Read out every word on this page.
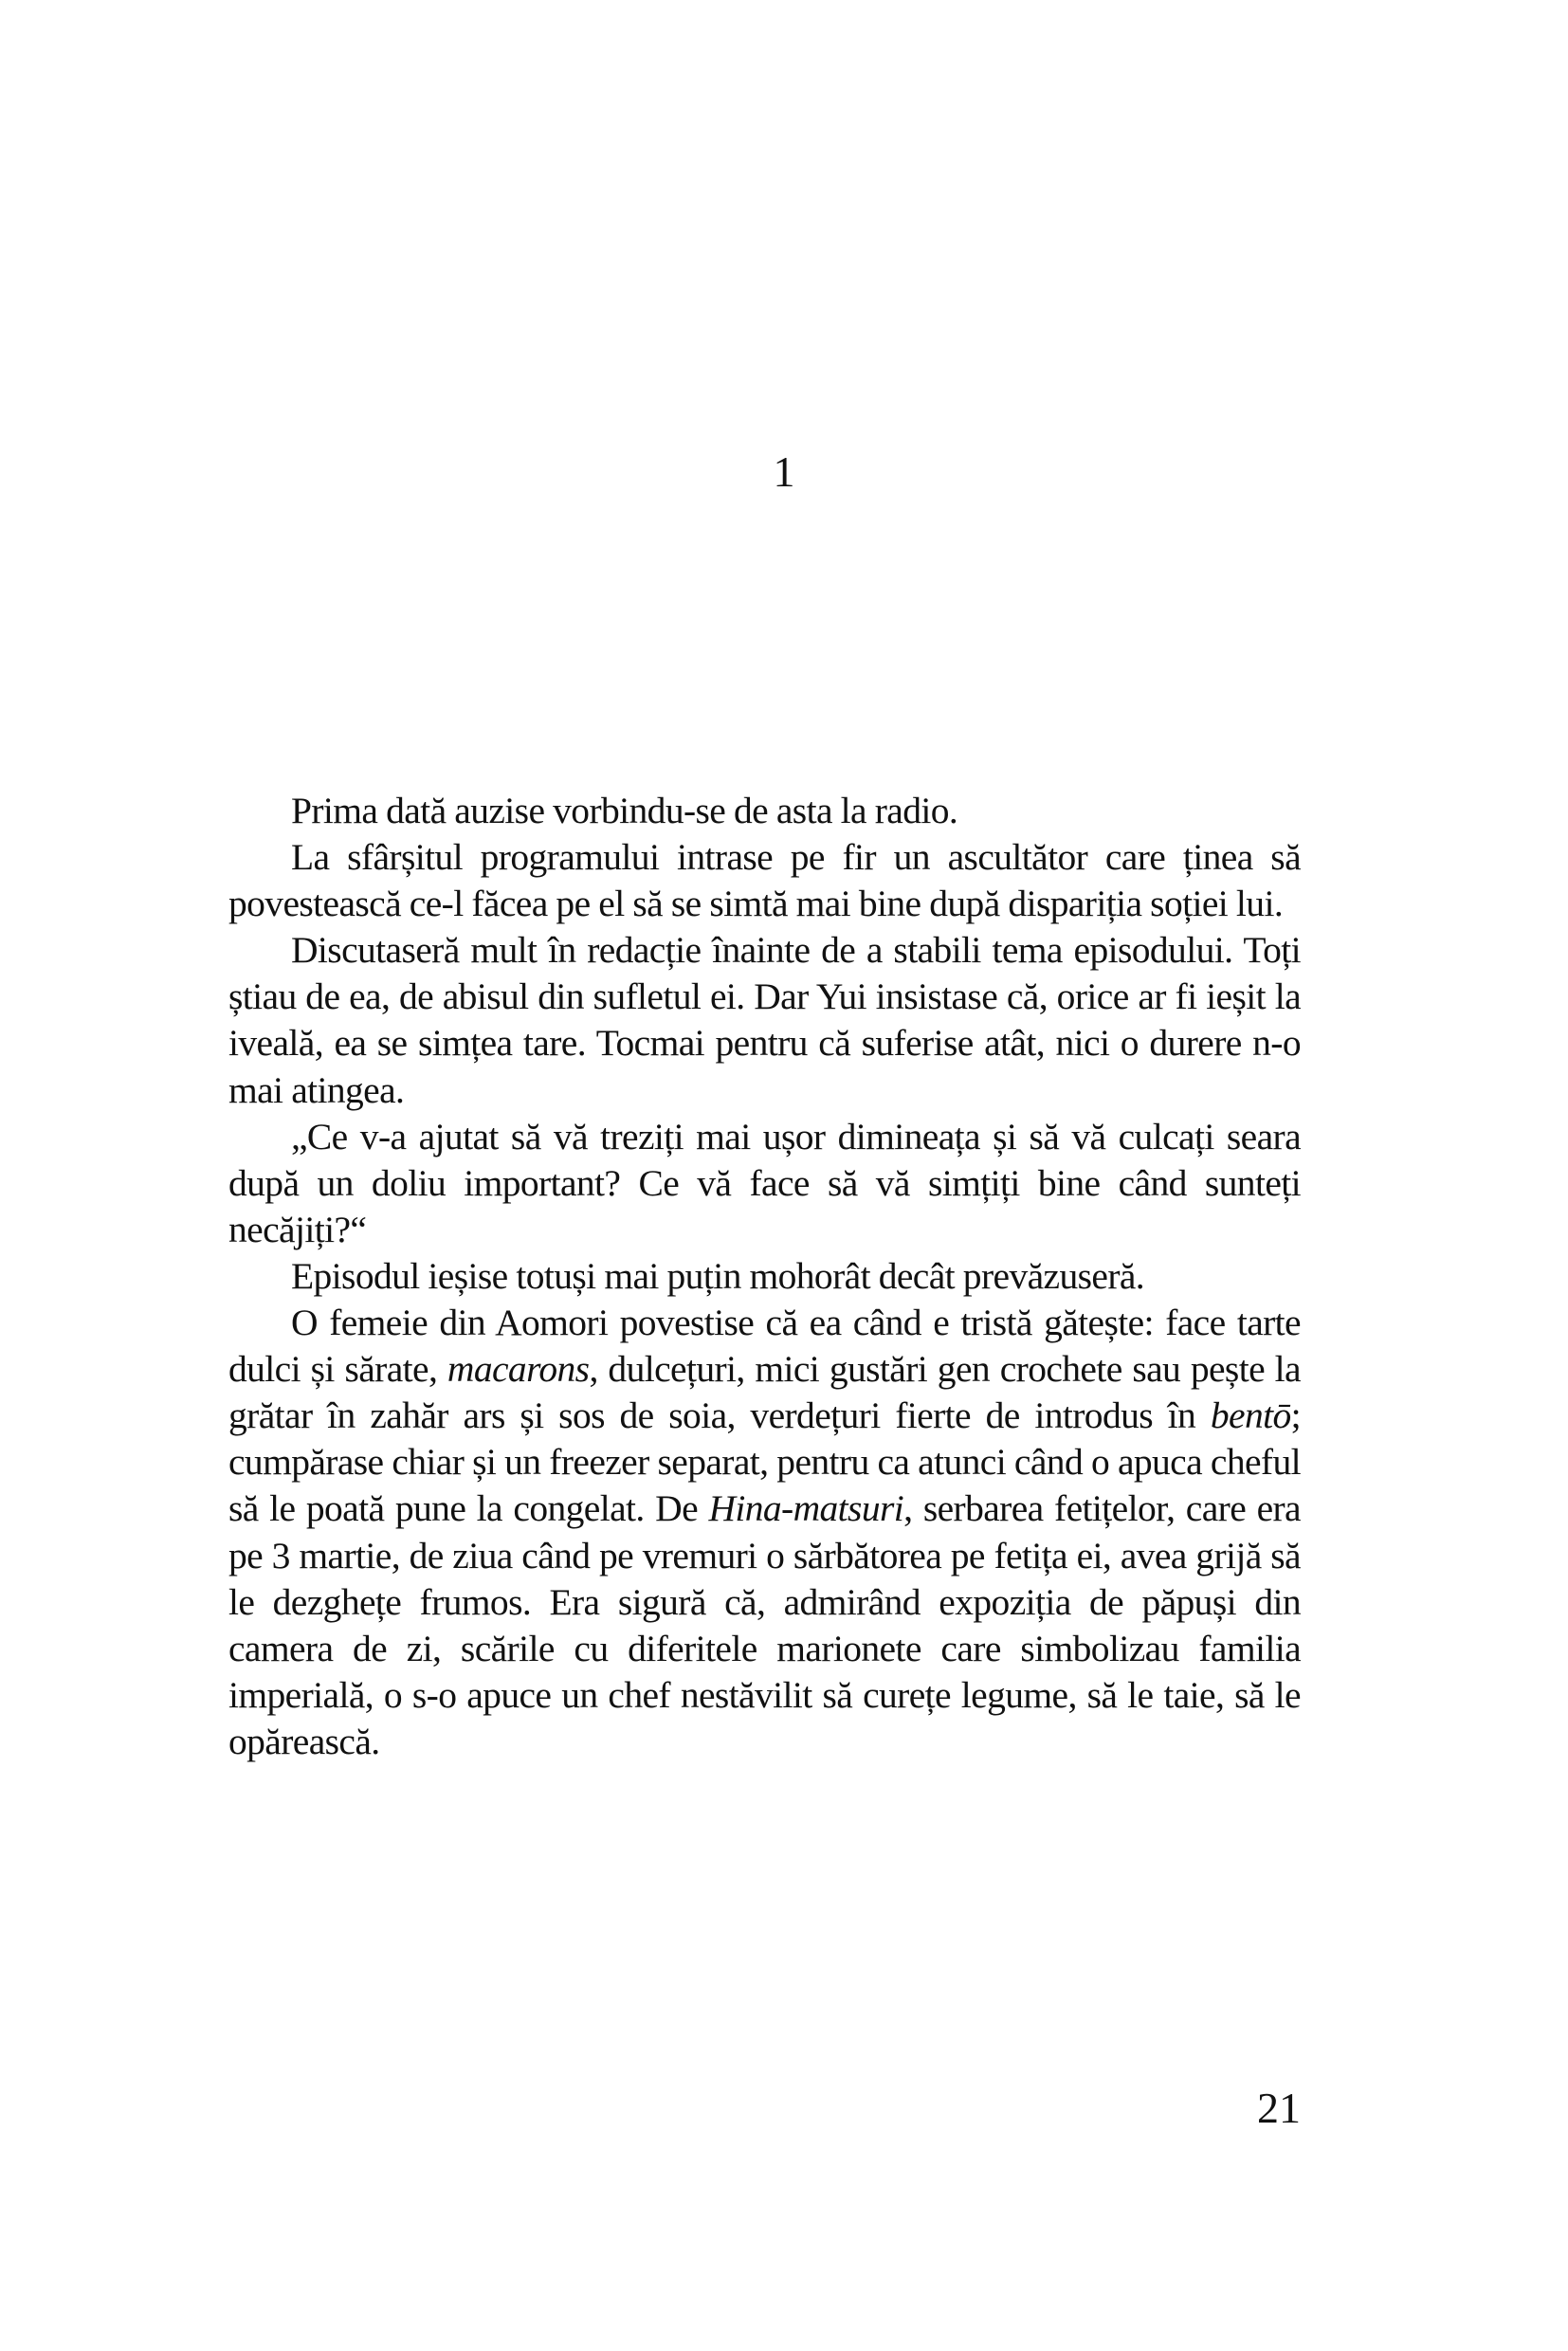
1

Prima dată auzise vorbindu-se de asta la radio.

La sfârșitul programului intrase pe fir un ascultător care ținea să povestească ce-l făcea pe el să se simtă mai bine după dispariția soției lui.

Discutaseră mult în redacție înainte de a stabili tema episodului. Toți știau de ea, de abisul din sufletul ei. Dar Yui insistase că, orice ar fi ieșit la iveală, ea se simțea tare. Tocmai pentru că suferise atât, nici o durere n-o mai atingea.

„Ce v-a ajutat să vă treziți mai ușor dimineața și să vă culcați seara după un doliu important? Ce vă face să vă simțiți bine când sunteți necăjiți?“

Episodul ieșise totuși mai puțin mohorât decât prevăzuseră.

O femeie din Aomori povestise că ea când e tristă gătește: face tarte dulci și sărate, macarons, dulcețuri, mici gustări gen crochete sau pește la grătar în zahăr ars și sos de soia, verdețuri fierte de introdus în bentō; cumpărase chiar și un freezer separat, pentru ca atunci când o apuca cheful să le poată pune la congelat. De Hina-matsuri, serbarea fetițelor, care era pe 3 martie, de ziua când pe vremuri o sărbătorea pe fetița ei, avea grijă să le dezghețe frumos. Era sigură că, admirând expoziția de păpuși din camera de zi, scările cu diferitele marionete care simbolizau familia imperială, o s-o apuce un chef nestăvilit să curețe legume, să le taie, să le opărească.

21
